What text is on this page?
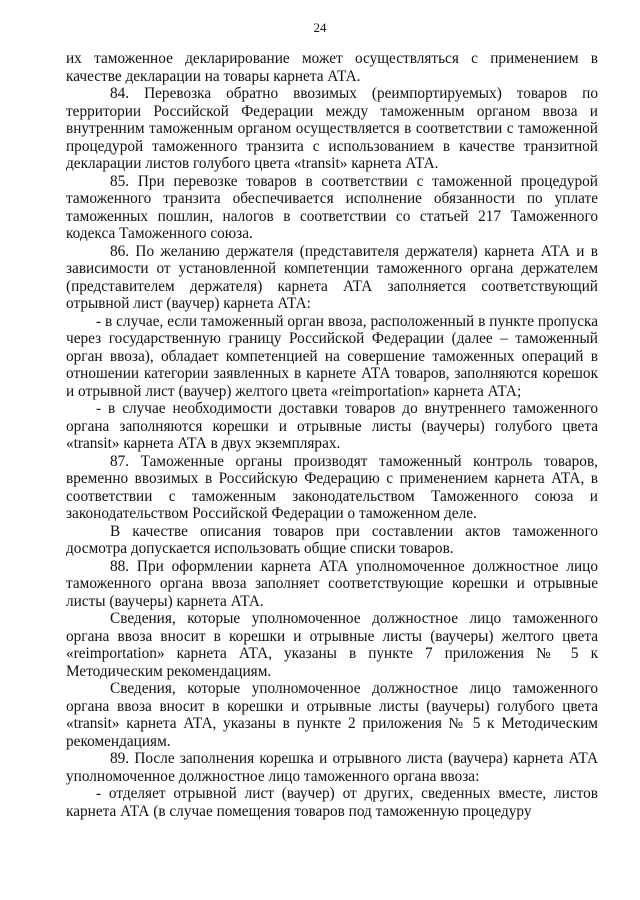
24

их таможенное декларирование может осуществляться с применением в качестве декларации на товары карнета АТА.

84. Перевозка обратно ввозимых (реимпортируемых) товаров по территории Российской Федерации между таможенным органом ввоза и внутренним таможенным органом осуществляется в соответствии с таможенной процедурой таможенного транзита с использованием в качестве транзитной декларации листов голубого цвета «transit» карнета АТА.

85. При перевозке товаров в соответствии с таможенной процедурой таможенного транзита обеспечивается исполнение обязанности по уплате таможенных пошлин, налогов в соответствии со статьей 217 Таможенного кодекса Таможенного союза.

86. По желанию держателя (представителя держателя) карнета АТА и в зависимости от установленной компетенции таможенного органа держателем (представителем держателя) карнета АТА заполняется соответствующий отрывной лист (ваучер) карнета АТА:

- в случае, если таможенный орган ввоза, расположенный в пункте пропуска через государственную границу Российской Федерации (далее – таможенный орган ввоза), обладает компетенцией на совершение таможенных операций в отношении категории заявленных в карнете АТА товаров, заполняются корешок и отрывной лист (ваучер) желтого цвета «reimportation» карнета АТА;

- в случае необходимости доставки товаров до внутреннего таможенного органа заполняются корешки и отрывные листы (ваучеры) голубого цвета «transit» карнета АТА в двух экземплярах.

87. Таможенные органы производят таможенный контроль товаров, временно ввозимых в Российскую Федерацию с применением карнета АТА, в соответствии с таможенным законодательством Таможенного союза и законодательством Российской Федерации о таможенном деле.

В качестве описания товаров при составлении актов таможенного досмотра допускается использовать общие списки товаров.

88. При оформлении карнета АТА уполномоченное должностное лицо таможенного органа ввоза заполняет соответствующие корешки и отрывные листы (ваучеры) карнета АТА.

Сведения, которые уполномоченное должностное лицо таможенного органа ввоза вносит в корешки и отрывные листы (ваучеры) желтого цвета «reimportation» карнета АТА, указаны в пункте 7 приложения № 5 к Методическим рекомендациям.

Сведения, которые уполномоченное должностное лицо таможенного органа ввоза вносит в корешки и отрывные листы (ваучеры) голубого цвета «transit» карнета АТА, указаны в пункте 2 приложения № 5 к Методическим рекомендациям.

89. После заполнения корешка и отрывного листа (ваучера) карнета АТА уполномоченное должностное лицо таможенного органа ввоза:

- отделяет отрывной лист (ваучер) от других, сведенных вместе, листов карнета АТА (в случае помещения товаров под таможенную процедуру
